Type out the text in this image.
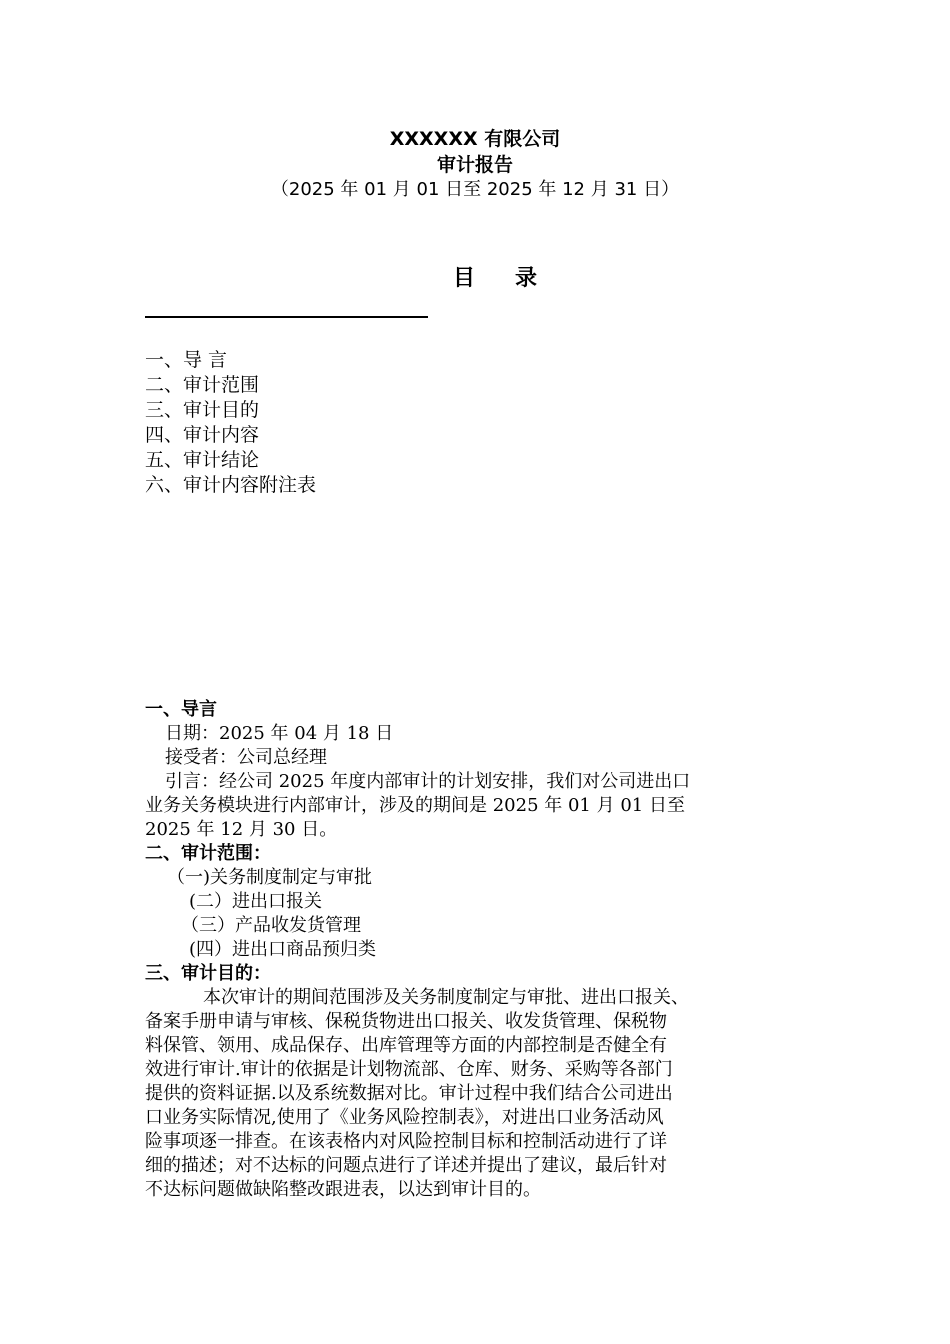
XXXXXX 有限公司
审计报告
（2025 年 01 月 01 日至 2025 年 12 月 31 日）
目录
一、导 言
二、审计范围
三、审计目的
四、审计内容
五、审计结论
六、审计内容附注表
一、导言
日期：2025 年 04 月 18 日
接受者：公司总经理
引言：经公司 2025 年度内部审计的计划安排，我们对公司进出口
业务关务模块进行内部审计，涉及的期间是 2025 年 01 月 01 日至
2025 年 12 月 30 日。
二、审计范围：
（一)关务制度制定与审批
(二）进出口报关
（三）产品收发货管理
(四）进出口商品预归类
三、审计目的：
本次审计的期间范围涉及关务制度制定与审批、进出口报关、
备案手册申请与审核、保税货物进出口报关、收发货管理、保税物
料保管、领用、成品保存、出库管理等方面的内部控制是否健全有
效进行审计.审计的依据是计划物流部、仓库、财务、采购等各部门
提供的资料证据.以及系统数据对比。审计过程中我们结合公司进出
口业务实际情况,使用了《业务风险控制表》，对进出口业务活动风
险事项逐一排查。在该表格内对风险控制目标和控制活动进行了详
细的描述；对不达标的问题点进行了详述并提出了建议，最后针对
不达标问题做缺陷整改跟进表，以达到审计目的。
